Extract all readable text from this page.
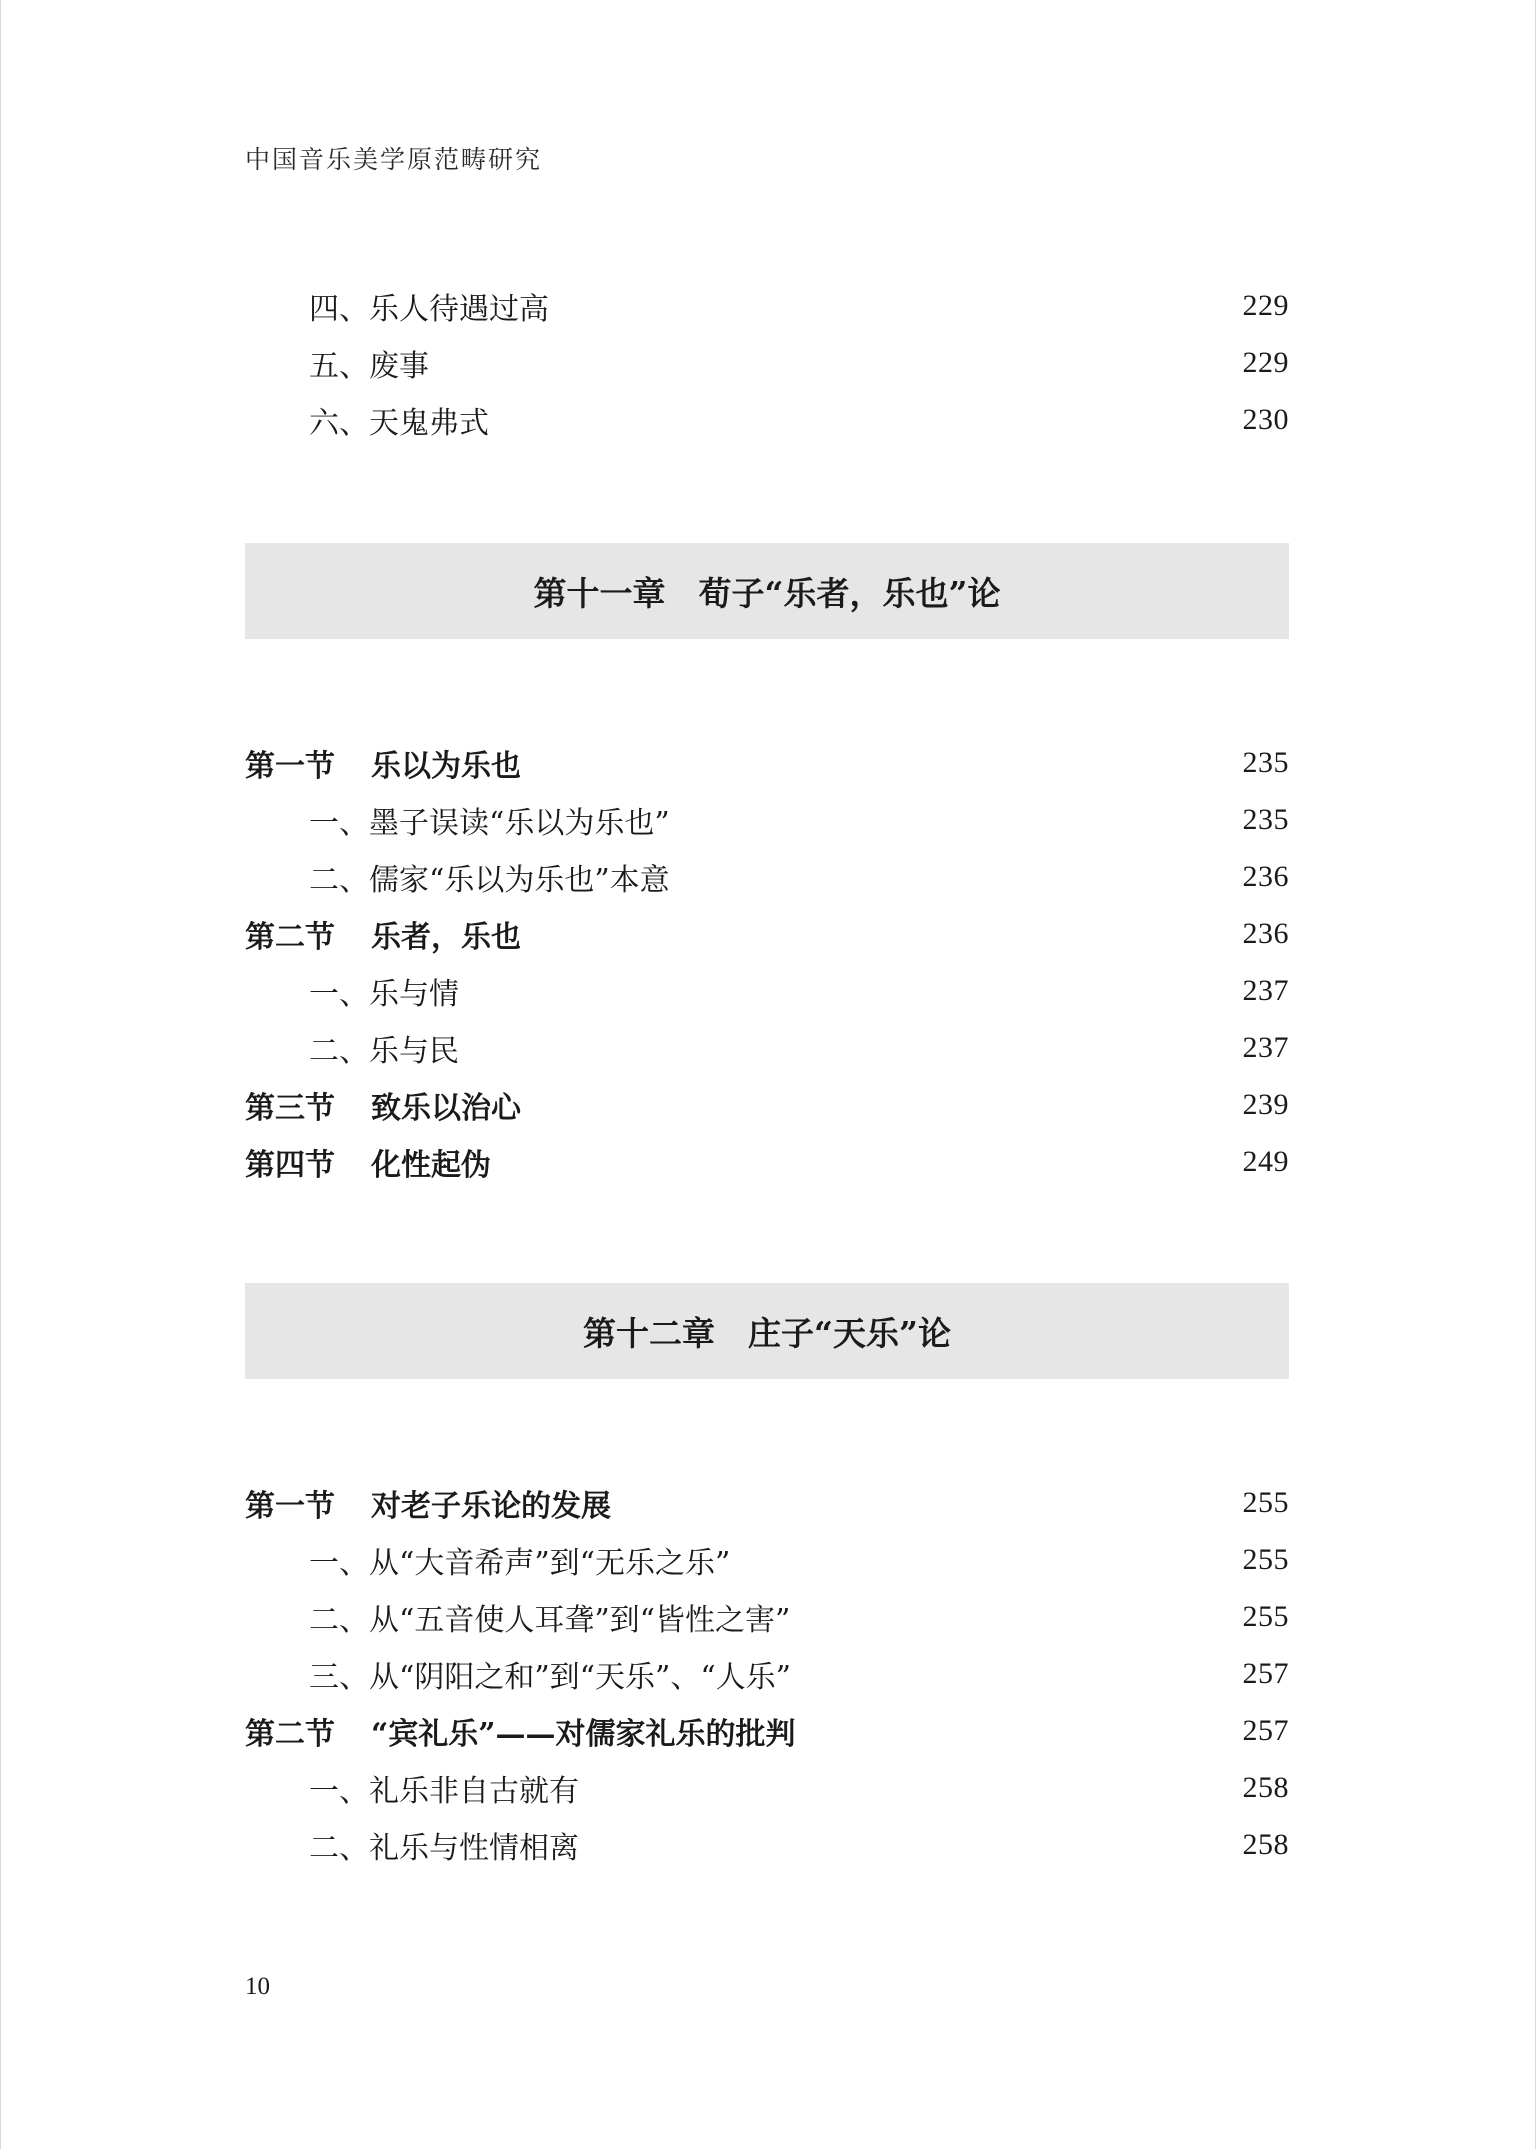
中国音乐美学原范畴研究
四、乐人待遇过高	229
五、废事	229
六、天鬼弗式	230
第十一章　荀子“乐者，乐也”论
第一节 乐以为乐也	235
一、墨子误读“乐以为乐也”	235
二、儒家“乐以为乐也”本意	236
第二节 乐者，乐也	236
一、乐与情	237
二、乐与民	237
第三节 致乐以治心	239
第四节 化性起伪	249
第十二章　庄子“天乐”论
第一节 对老子乐论的发展	255
一、从“大音希声”到“无乐之乐”	255
二、从“五音使人耳聋”到“皆性之害”	255
三、从“阴阳之和”到“天乐”、“人乐”	257
第二节 “宾礼乐”——对儒家礼乐的批判	257
一、礼乐非自古就有	258
二、礼乐与性情相离	258
10
